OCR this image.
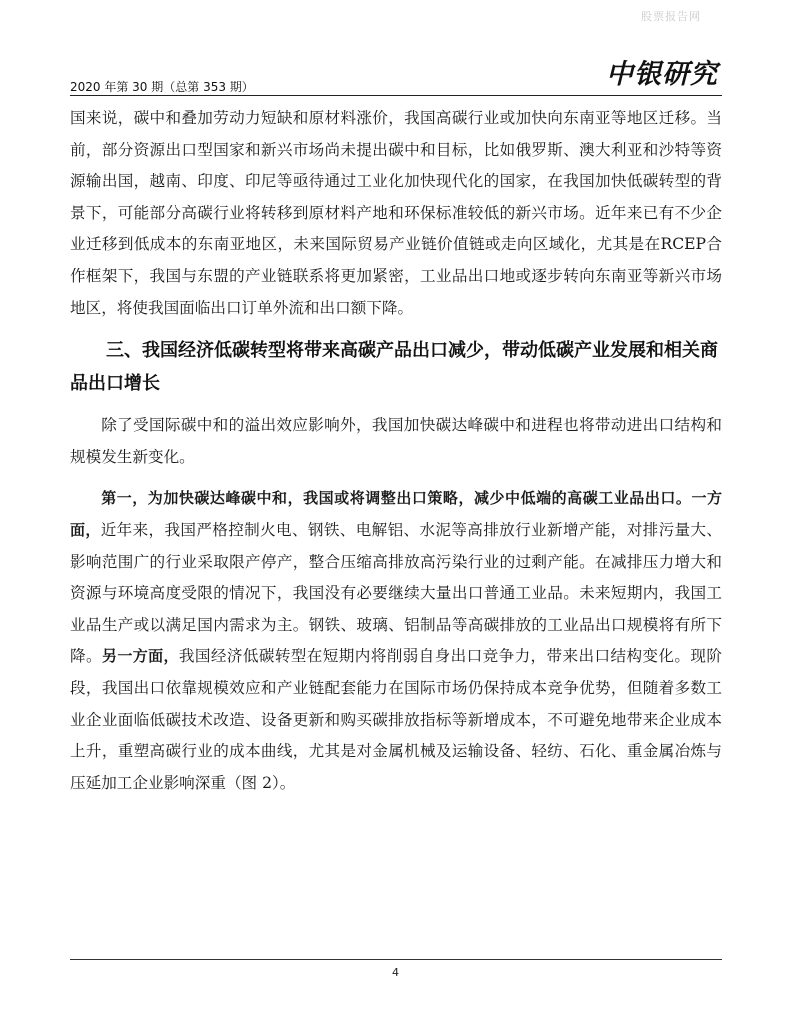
股票报告网
2020 年第 30 期（总第 353 期）	中银研究

国来说，碳中和叠加劳动力短缺和原材料涨价，我国高碳行业或加快向东南亚等地区迁移。当前，部分资源出口型国家和新兴市场尚未提出碳中和目标，比如俄罗斯、澳大利亚和沙特等资源输出国，越南、印度、印尼等亟待通过工业化加快现代化的国家，在我国加快低碳转型的背景下，可能部分高碳行业将转移到原材料产地和环保标准较低的新兴市场。近年来已有不少企业迁移到低成本的东南亚地区，未来国际贸易产业链价值链或走向区域化，尤其是在RCEP合作框架下，我国与东盟的产业链联系将更加紧密，工业品出口地或逐步转向东南亚等新兴市场地区，将使我国面临出口订单外流和出口额下降。

三、我国经济低碳转型将带来高碳产品出口减少，带动低碳产业发展和相关商品出口增长

除了受国际碳中和的溢出效应影响外，我国加快碳达峰碳中和进程也将带动进出口结构和规模发生新变化。

第一，为加快碳达峰碳中和，我国或将调整出口策略，减少中低端的高碳工业品出口。一方面，近年来，我国严格控制火电、钢铁、电解铝、水泥等高排放行业新增产能，对排污量大、影响范围广的行业采取限产停产，整合压缩高排放高污染行业的过剩产能。在减排压力增大和资源与环境高度受限的情况下，我国没有必要继续大量出口普通工业品。未来短期内，我国工业品生产或以满足国内需求为主。钢铁、玻璃、铝制品等高碳排放的工业品出口规模将有所下降。另一方面，我国经济低碳转型在短期内将削弱自身出口竞争力，带来出口结构变化。现阶段，我国出口依靠规模效应和产业链配套能力在国际市场仍保持成本竞争优势，但随着多数工业企业面临低碳技术改造、设备更新和购买碳排放指标等新增成本，不可避免地带来企业成本上升，重塑高碳行业的成本曲线，尤其是对金属机械及运输设备、轻纺、石化、重金属冶炼与压延加工企业影响深重（图 2）。

4
